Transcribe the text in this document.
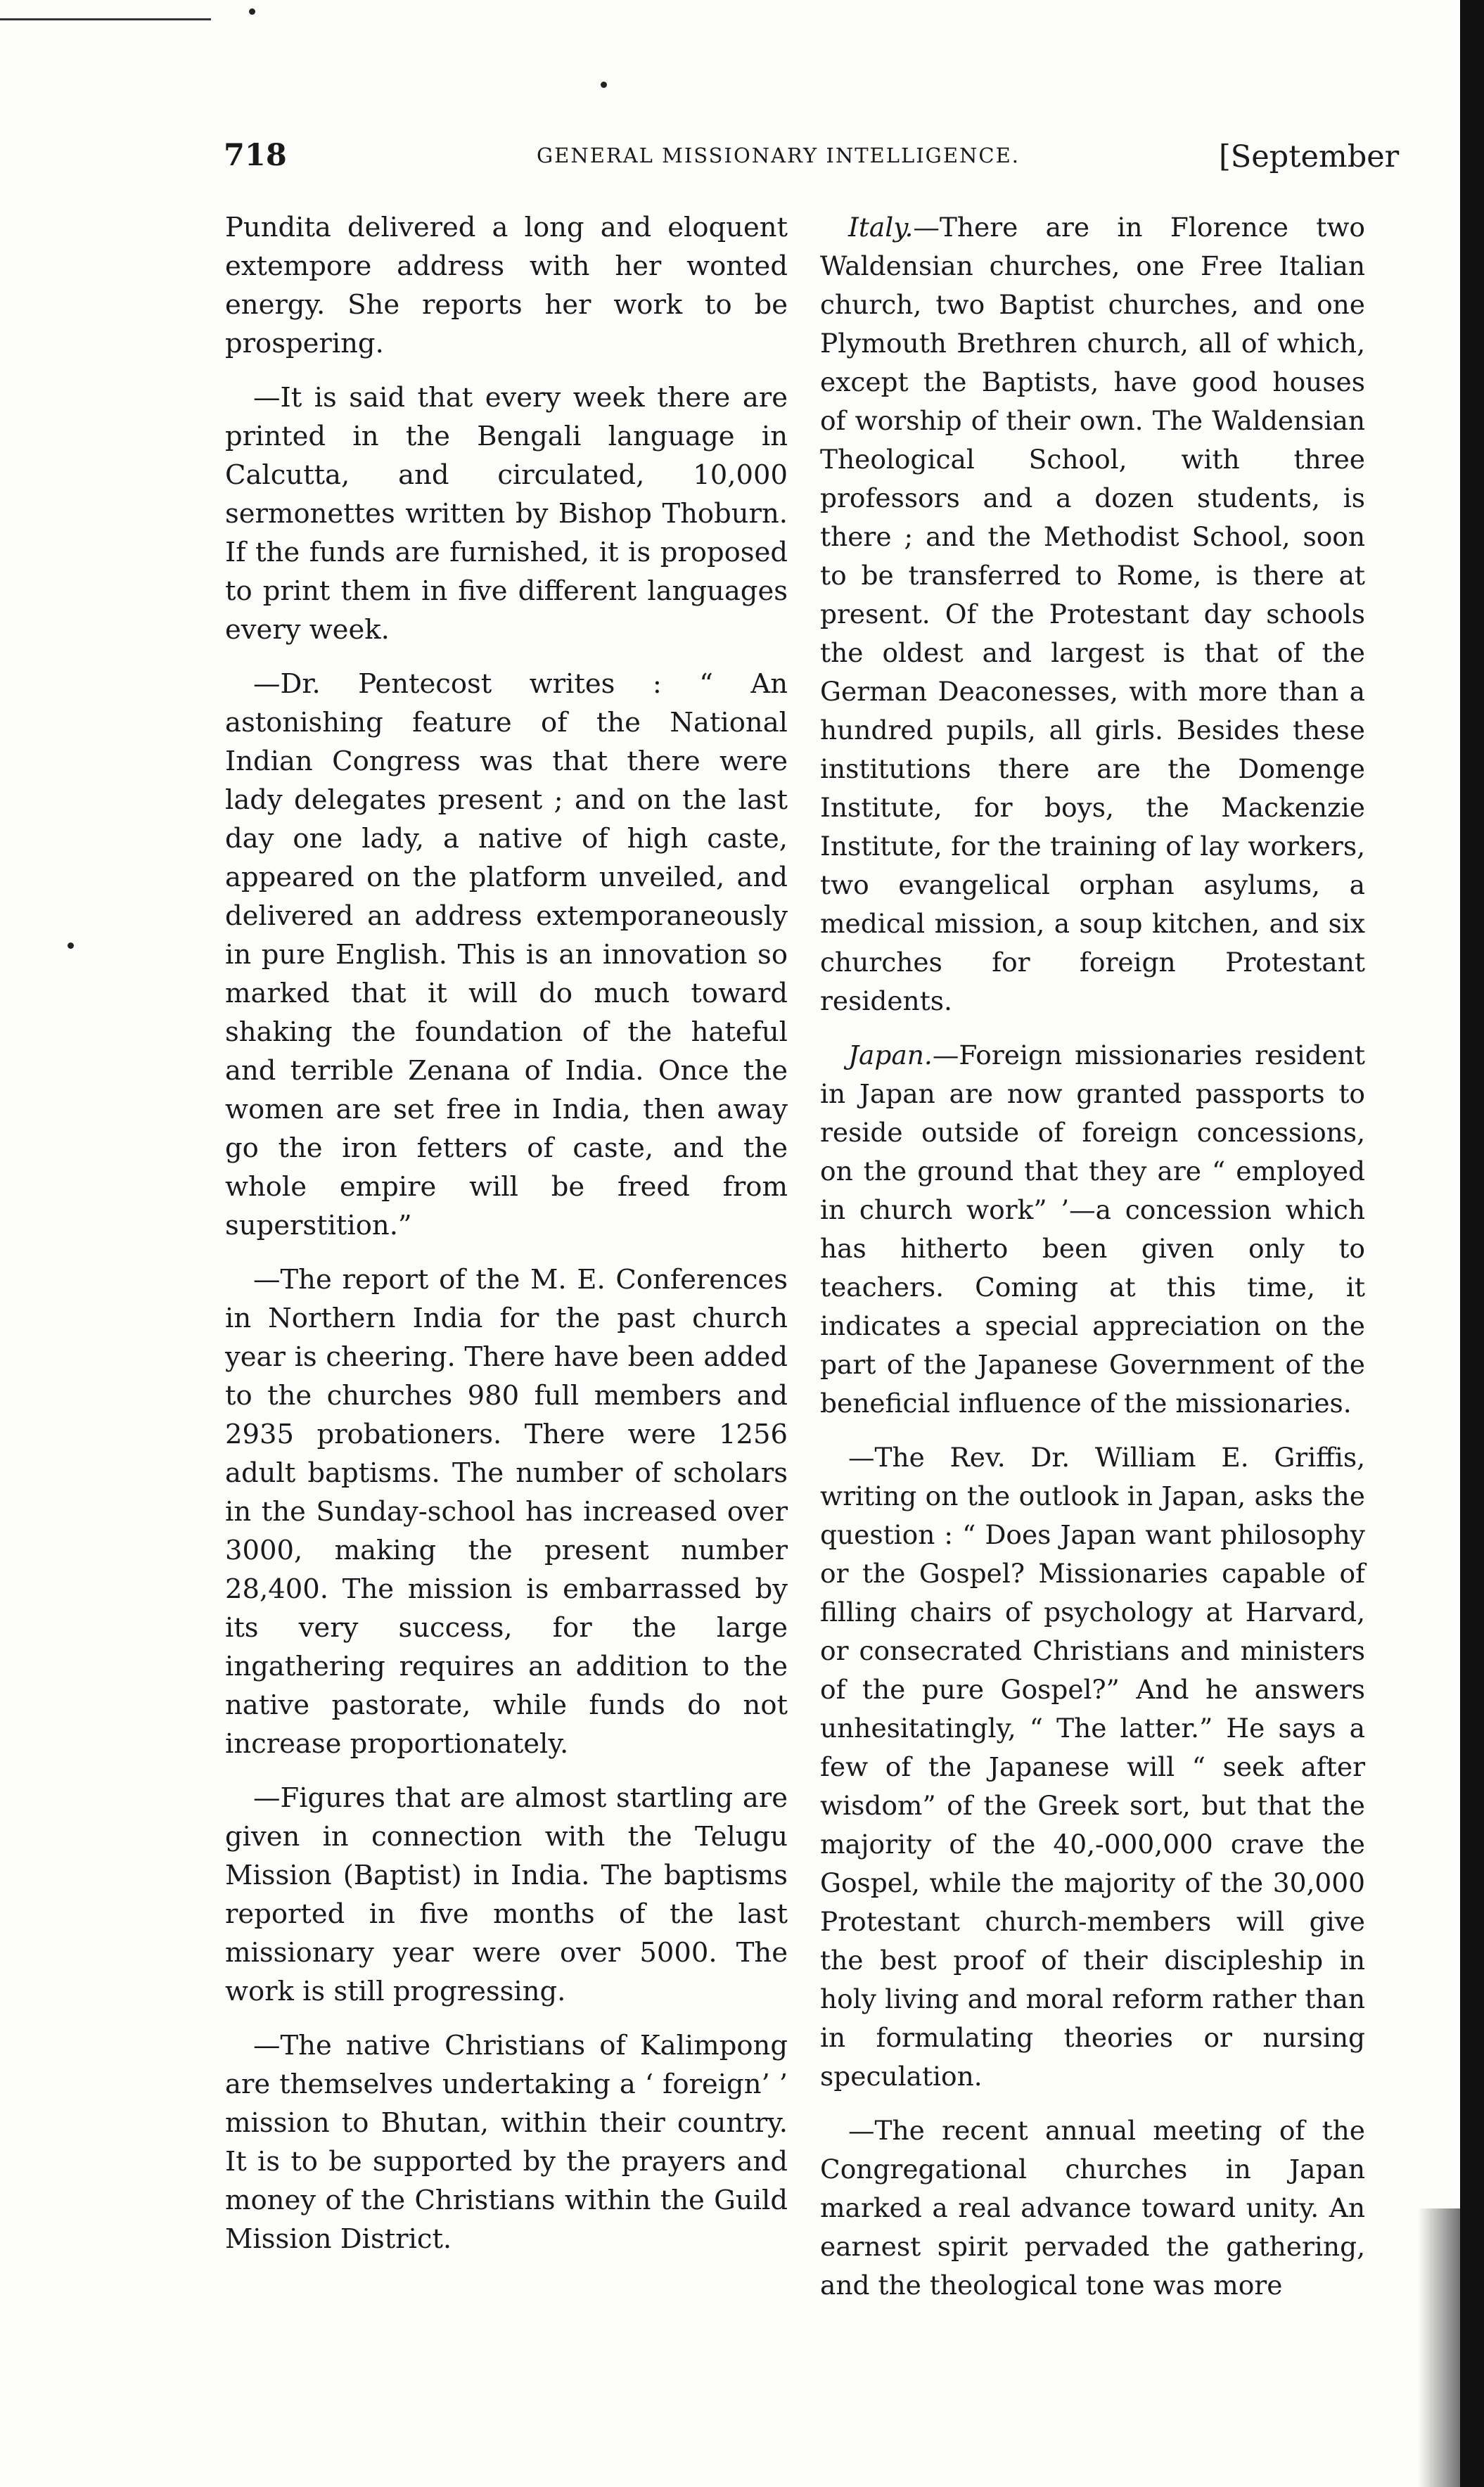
718	GENERAL MISSIONARY INTELLIGENCE.	[September

Pundita delivered a long and eloquent extempore address with her wonted energy. She reports her work to be prospering.

—It is said that every week there are printed in the Bengali language in Calcutta, and circulated, 10,000 sermonettes written by Bishop Thoburn. If the funds are furnished, it is proposed to print them in five different languages every week.

—Dr. Pentecost writes : “ An astonishing feature of the National Indian Congress was that there were lady delegates present ; and on the last day one lady, a native of high caste, appeared on the platform unveiled, and delivered an address extemporaneously in pure English. This is an innovation so marked that it will do much toward shaking the foundation of the hateful and terrible Zenana of India. Once the women are set free in India, then away go the iron fetters of caste, and the whole empire will be freed from superstition.”

—The report of the M. E. Conferences in Northern India for the past church year is cheering. There have been added to the churches 980 full members and 2935 probationers. There were 1256 adult baptisms. The number of scholars in the Sunday-school has increased over 3000, making the present number 28,400. The mission is embarrassed by its very success, for the large ingathering requires an addition to the native pastorate, while funds do not increase proportionately.

—Figures that are almost startling are given in connection with the Telugu Mission (Baptist) in India. The baptisms reported in five months of the last missionary year were over 5000. The work is still progressing.

—The native Christians of Kalimpong are themselves undertaking a ‘ foreign’ ’ mission to Bhutan, within their country. It is to be supported by the prayers and money of the Christians within the Guild Mission District.

Italy.—There are in Florence two Waldensian churches, one Free Italian church, two Baptist churches, and one Plymouth Brethren church, all of which, except the Baptists, have good houses of worship of their own. The Waldensian Theological School, with three professors and a dozen students, is there ; and the Methodist School, soon to be transferred to Rome, is there at present. Of the Protestant day schools the oldest and largest is that of the German Deaconesses, with more than a hundred pupils, all girls. Besides these institutions there are the Domenge Institute, for boys, the Mackenzie Institute, for the training of lay workers, two evangelical orphan asylums, a medical mission, a soup kitchen, and six churches for foreign Protestant residents.

Japan.—Foreign missionaries resident in Japan are now granted passports to reside outside of foreign concessions, on the ground that they are “ employed in church work” ’—a concession which has hitherto been given only to teachers. Coming at this time, it indicates a special appreciation on the part of the Japanese Government of the beneficial influence of the missionaries.

—The Rev. Dr. William E. Griffis, writing on the outlook in Japan, asks the question : “ Does Japan want philosophy or the Gospel? Missionaries capable of filling chairs of psychology at Harvard, or consecrated Christians and ministers of the pure Gospel?” And he answers unhesitatingly, “ The latter.” He says a few of the Japanese will “ seek after wisdom” of the Greek sort, but that the majority of the 40,-000,000 crave the Gospel, while the majority of the 30,000 Protestant church-members will give the best proof of their discipleship in holy living and moral reform rather than in formulating theories or nursing speculation.

—The recent annual meeting of the Congregational churches in Japan marked a real advance toward unity. An earnest spirit pervaded the gathering, and the theological tone was more
